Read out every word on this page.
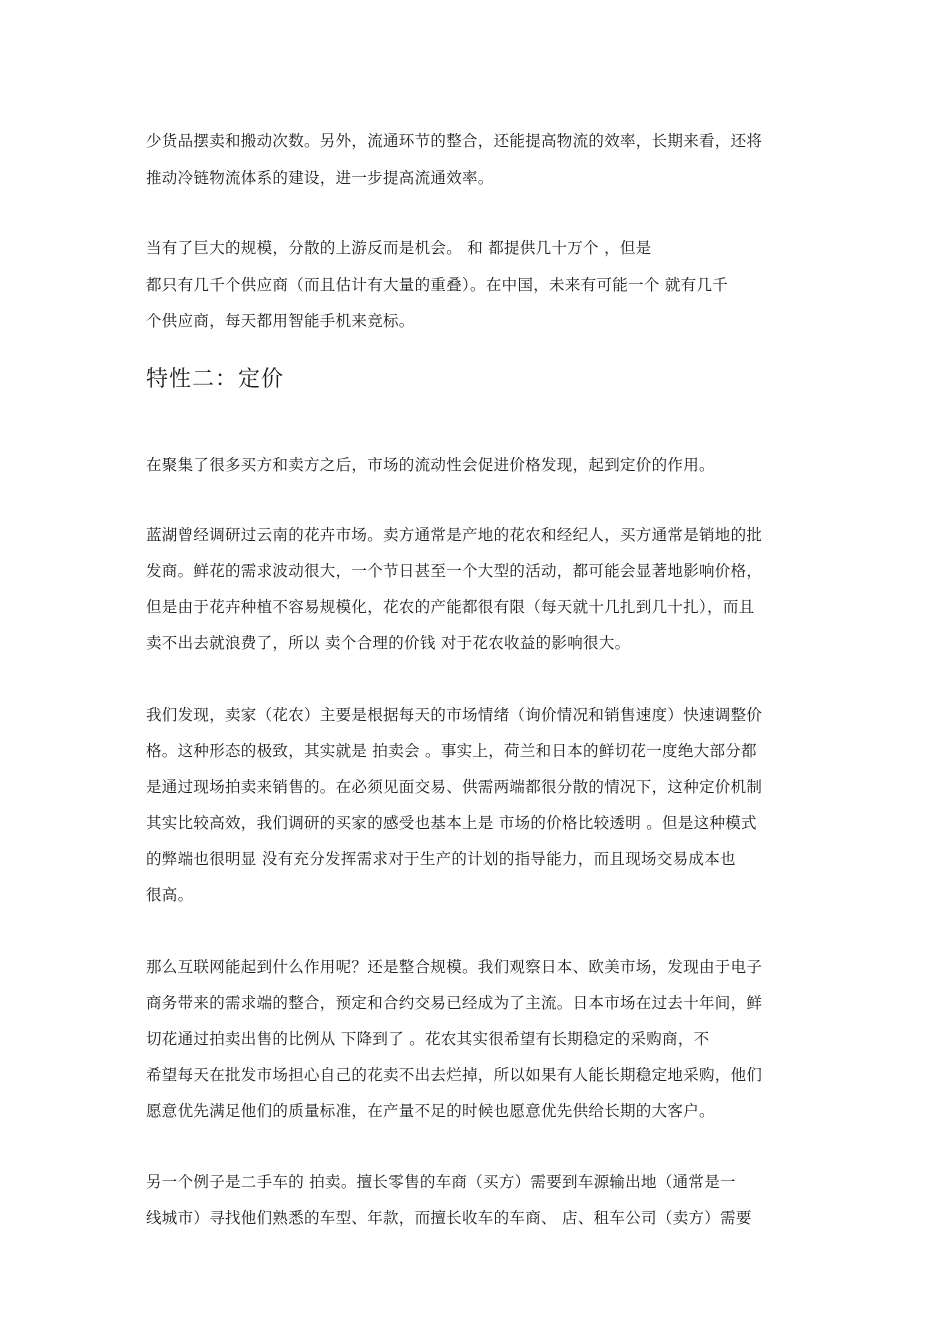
少货品摆卖和搬动次数。另外，流通环节的整合，还能提高物流的效率，长期来看，还将

推动冷链物流体系的建设，进一步提高流通效率。

当有了巨大的规模，分散的上游反而是机会。 和 都提供几十万个 ，但是

都只有几千个供应商（而且估计有大量的重叠）。在中国，未来有可能一个 就有几千

个供应商，每天都用智能手机来竞标。

特性二：定价

在聚集了很多买方和卖方之后，市场的流动性会促进价格发现，起到定价的作用。

蓝湖曾经调研过云南的花卉市场。卖方通常是产地的花农和经纪人，买方通常是销地的批

发商。鲜花的需求波动很大，一个节日甚至一个大型的活动，都可能会显著地影响价格，

但是由于花卉种植不容易规模化，花农的产能都很有限（每天就十几扎到几十扎），而且

卖不出去就浪费了，所以 卖个合理的价钱 对于花农收益的影响很大。

我们发现，卖家（花农）主要是根据每天的市场情绪（询价情况和销售速度）快速调整价

格。这种形态的极致，其实就是 拍卖会 。事实上，荷兰和日本的鲜切花一度绝大部分都

是通过现场拍卖来销售的。在必须见面交易、供需两端都很分散的情况下，这种定价机制

其实比较高效，我们调研的买家的感受也基本上是 市场的价格比较透明 。但是这种模式

的弊端也很明显 没有充分发挥需求对于生产的计划的指导能力，而且现场交易成本也

很高。

那么互联网能起到什么作用呢？还是整合规模。我们观察日本、欧美市场，发现由于电子

商务带来的需求端的整合，预定和合约交易已经成为了主流。日本市场在过去十年间，鲜

切花通过拍卖出售的比例从 下降到了 。花农其实很希望有长期稳定的采购商，不

希望每天在批发市场担心自己的花卖不出去烂掉，所以如果有人能长期稳定地采购，他们

愿意优先满足他们的质量标准，在产量不足的时候也愿意优先供给长期的大客户。

另一个例子是二手车的 拍卖。擅长零售的车商（买方）需要到车源输出地（通常是一

线城市）寻找他们熟悉的车型、年款，而擅长收车的车商、 店、租车公司（卖方）需要
